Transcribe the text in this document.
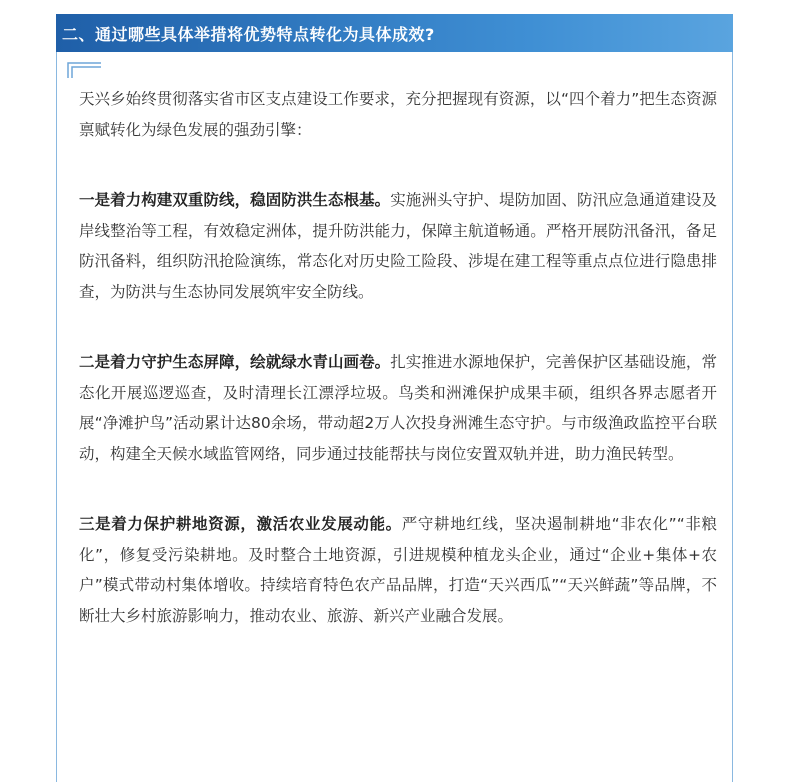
二、通过哪些具体举措将优势特点转化为具体成效?

天兴乡始终贯彻落实省市区支点建设工作要求，充分把握现有资源，以“四个着力”把生态资源禀赋转化为绿色发展的强劲引擎：

一是着力构建双重防线，稳固防洪生态根基。实施洲头守护、堤防加固、防汛应急通道建设及岸线整治等工程，有效稳定洲体，提升防洪能力，保障主航道畅通。严格开展防汛备汛，备足防汛备料，组织防汛抢险演练，常态化对历史险工险段、涉堤在建工程等重点点位进行隐患排查，为防洪与生态协同发展筑牢安全防线。

二是着力守护生态屏障，绘就绿水青山画卷。扎实推进水源地保护，完善保护区基础设施，常态化开展巡逻巡查，及时清理长江漂浮垃圾。鸟类和洲滩保护成果丰硕，组织各界志愿者开展“净滩护鸟”活动累计达80余场，带动超2万人次投身洲滩生态守护。与市级渔政监控平台联动，构建全天候水域监管网络，同步通过技能帮扶与岗位安置双轨并进，助力渔民转型。

三是着力保护耕地资源，激活农业发展动能。严守耕地红线，坚决遏制耕地“非农化”“非粮化”，修复受污染耕地。及时整合土地资源，引进规模种植龙头企业，通过“企业+集体+农户”模式带动村集体增收。持续培育特色农产品品牌，打造“天兴西瓜”“天兴鲜蔬”等品牌，不断壮大乡村旅游影响力，推动农业、旅游、新兴产业融合发展。
